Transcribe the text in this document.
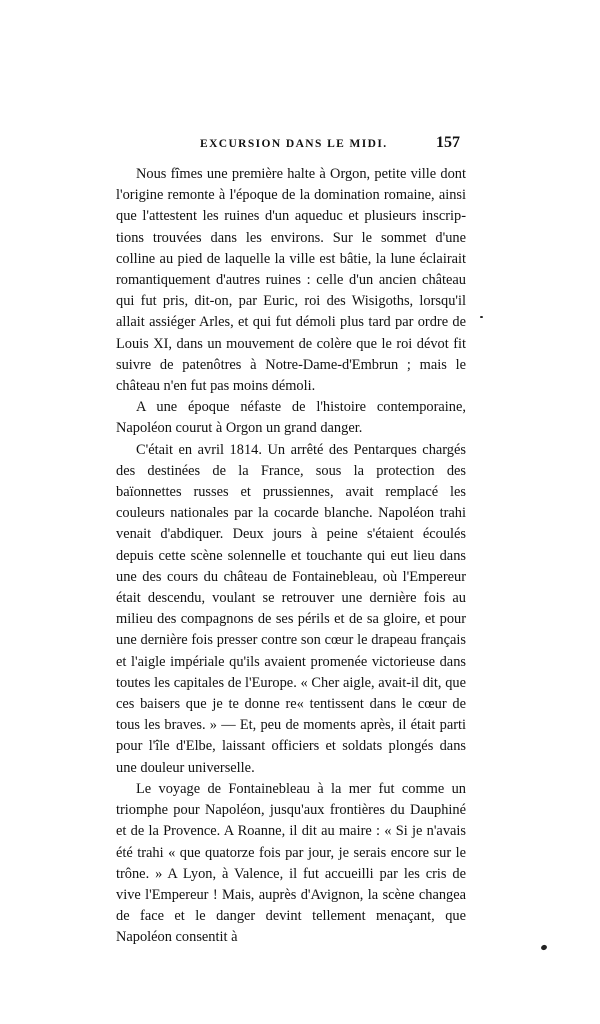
EXCURSION DANS LE MIDI.	157

Nous fîmes une première halte à Orgon, petite ville dont l'origine remonte à l'époque de la domination romaine, ainsi que l'attestent les ruines d'un aqueduc et plusieurs inscriptions trouvées dans les environs. Sur le sommet d'une colline au pied de laquelle la ville est bâtie, la lune éclairait romantiquement d'autres ruines : celle d'un ancien château qui fut pris, dit-on, par Euric, roi des Wisigoths, lorsqu'il allait assiéger Arles, et qui fut démoli plus tard par ordre de Louis XI, dans un mouvement de colère que le roi dévot fit suivre de patenôtres à Notre-Dame-d'Embrun ; mais le château n'en fut pas moins démoli.

A une époque néfaste de l'histoire contemporaine, Napoléon courut à Orgon un grand danger.

C'était en avril 1814. Un arrêté des Pentarques chargés des destinées de la France, sous la protection des baïonnettes russes et prussiennes, avait remplacé les couleurs nationales par la cocarde blanche. Napoléon trahi venait d'abdiquer. Deux jours à peine s'étaient écoulés depuis cette scène solennelle et touchante qui eut lieu dans une des cours du château de Fontainebleau, où l'Empereur était descendu, voulant se retrouver une dernière fois au milieu des compagnons de ses périls et de sa gloire, et pour une dernière fois presser contre son cœur le drapeau français et l'aigle impériale qu'ils avaient promenée victorieuse dans toutes les capitales de l'Europe. « Cher aigle, avait-il dit, que ces baisers que je te donne re« tentissent dans le cœur de tous les braves. » — Et, peu de moments après, il était parti pour l'île d'Elbe, laissant officiers et soldats plongés dans une douleur universelle.

Le voyage de Fontainebleau à la mer fut comme un triomphe pour Napoléon, jusqu'aux frontières du Dauphiné et de la Provence. A Roanne, il dit au maire : « Si je n'avais été trahi « que quatorze fois par jour, je serais encore sur le trône. » A Lyon, à Valence, il fut accueilli par les cris de vive l'Empereur ! Mais, auprès d'Avignon, la scène changea de face et le danger devint tellement menaçant, que Napoléon consentit à
